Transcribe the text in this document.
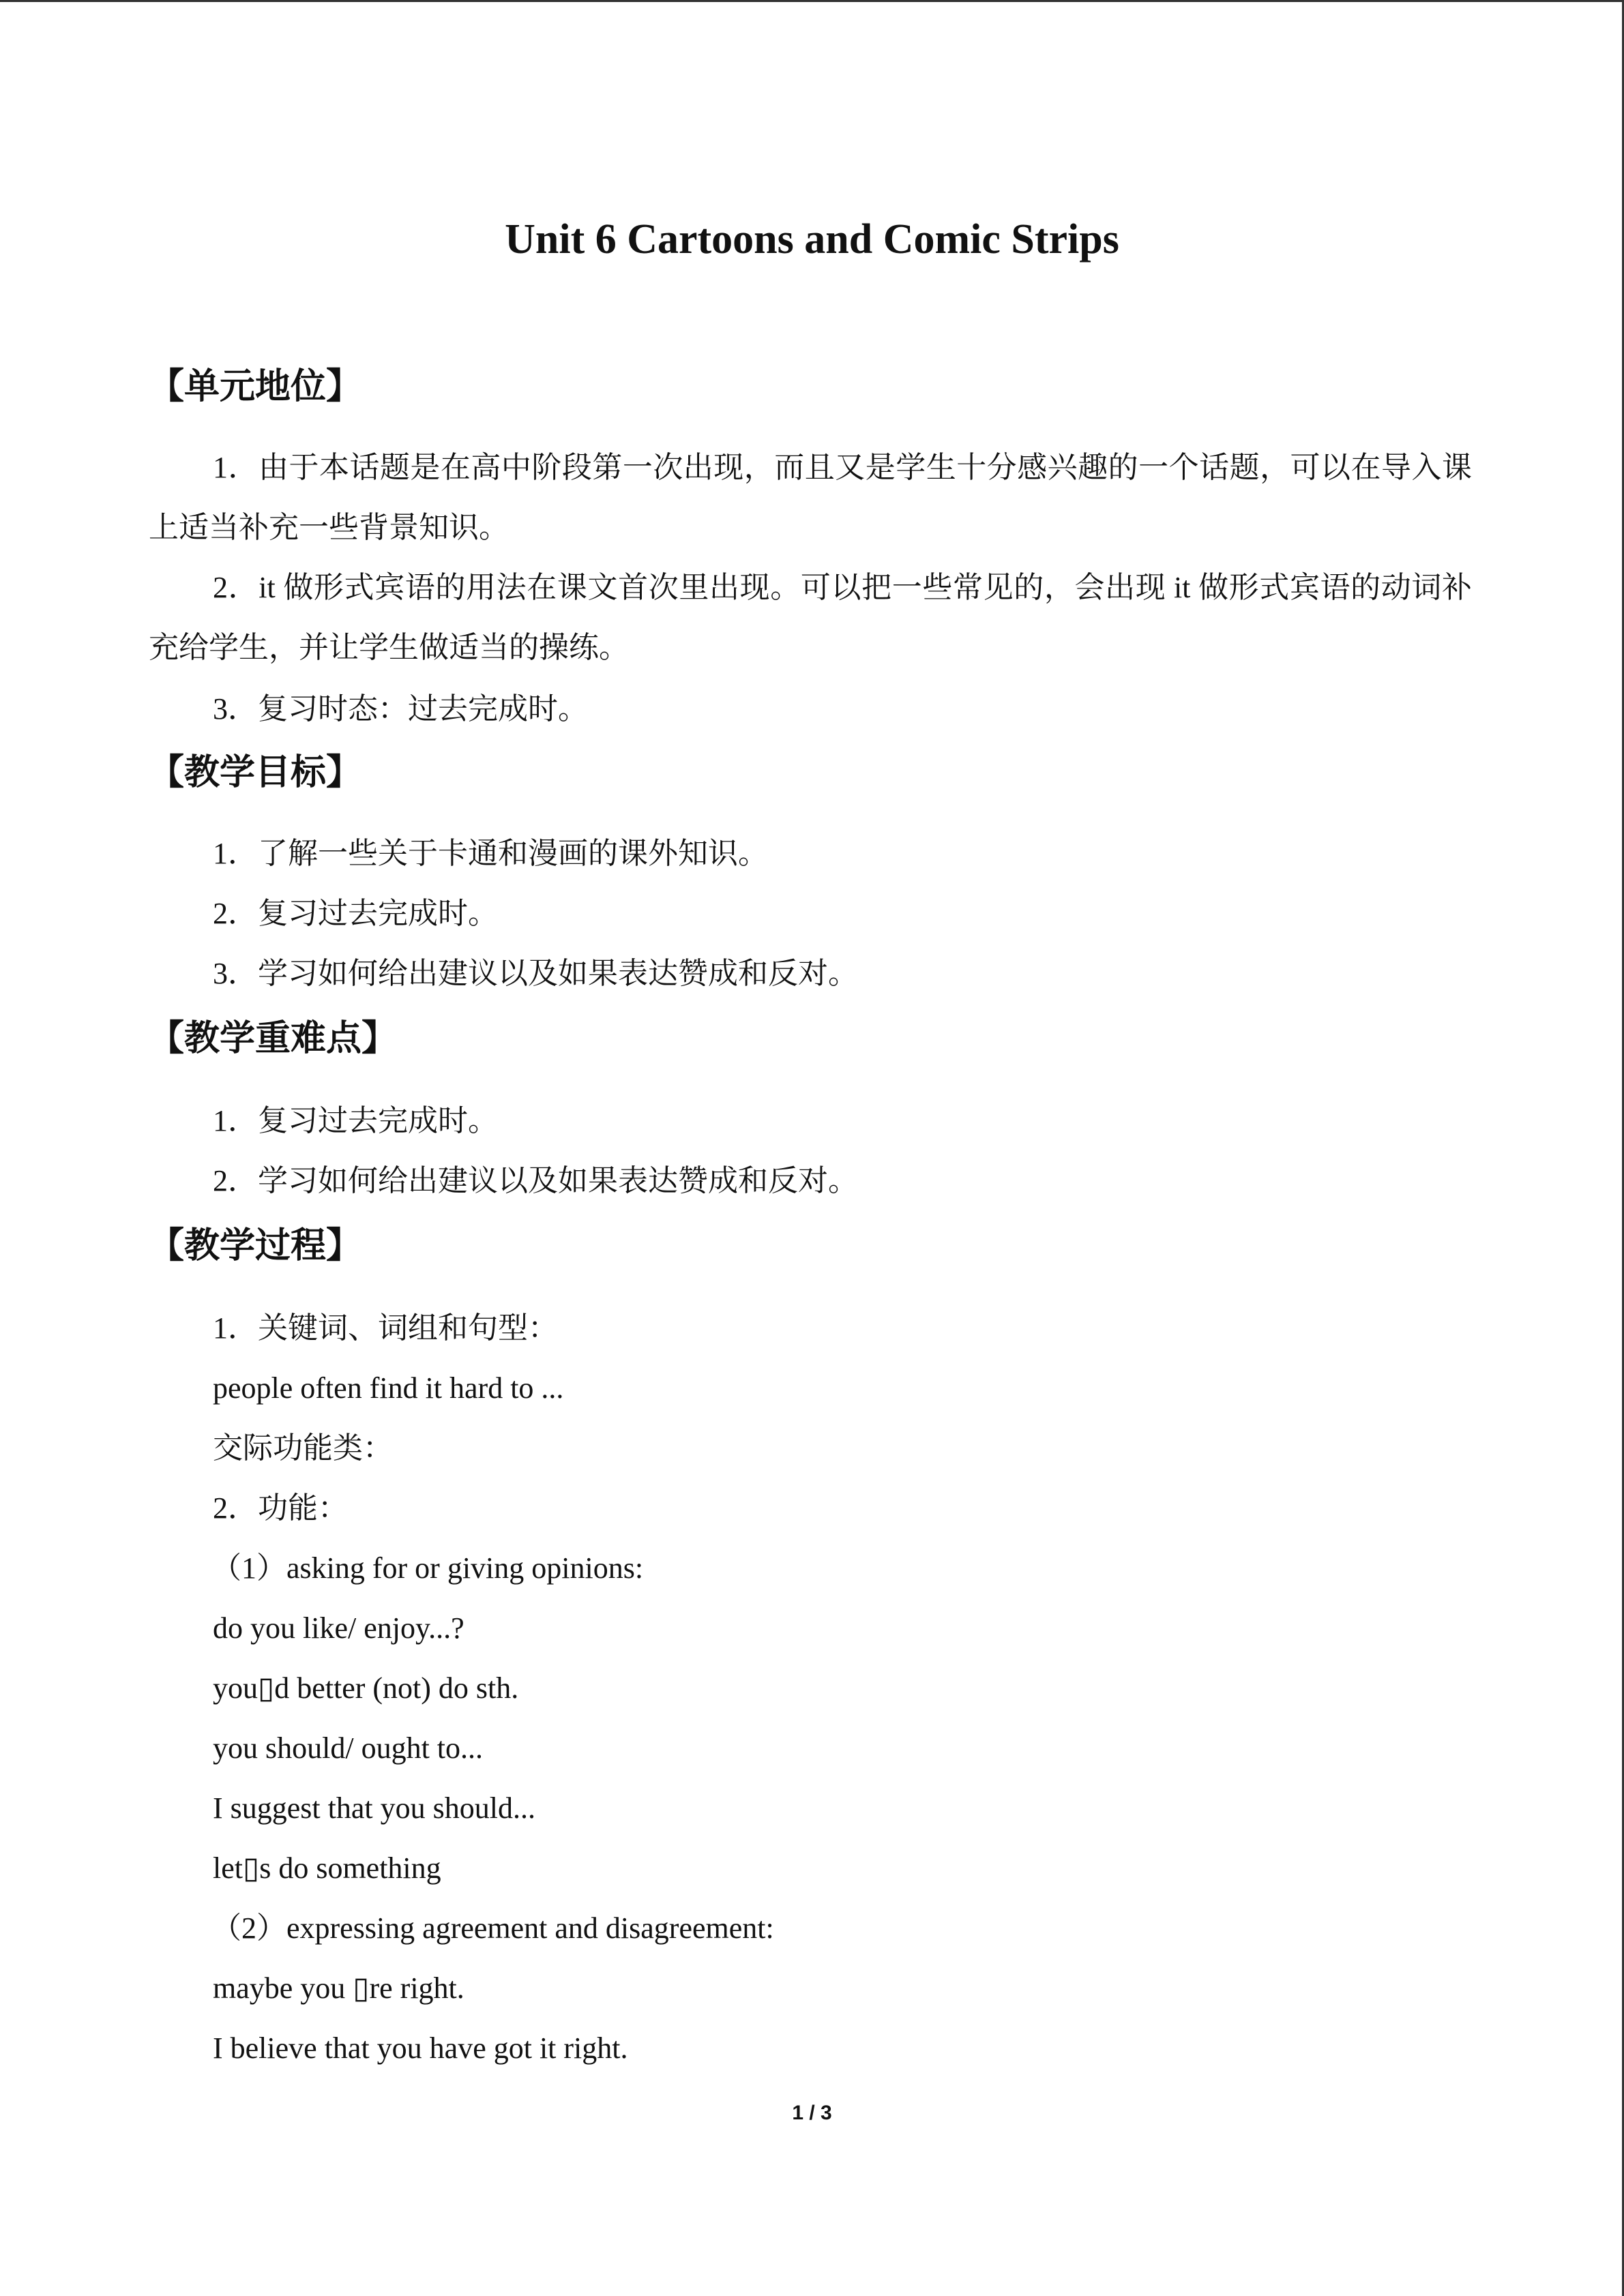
Unit 6 Cartoons and Comic Strips
【单元地位】
1．由于本话题是在高中阶段第一次出现，而且又是学生十分感兴趣的一个话题，可以在导入课上适当补充一些背景知识。
2．it 做形式宾语的用法在课文首次里出现。可以把一些常见的，会出现 it 做形式宾语的动词补充给学生，并让学生做适当的操练。
3．复习时态：过去完成时。
【教学目标】
1．了解一些关于卡通和漫画的课外知识。
2．复习过去完成时。
3．学习如何给出建议以及如果表达赞成和反对。
【教学重难点】
1．复习过去完成时。
2．学习如何给出建议以及如果表达赞成和反对。
【教学过程】
1．关键词、词组和句型：
people often find it hard to ...
交际功能类：
2．功能：
（1）asking for or giving opinions:
do you like/ enjoy...?
you▯​d better (not) do sth.
you should/ ought to...
I suggest that you should...
let▯s do something
（2）expressing agreement and disagreement:
maybe you ▯re right.
I believe that you have got it right.
1 / 3
